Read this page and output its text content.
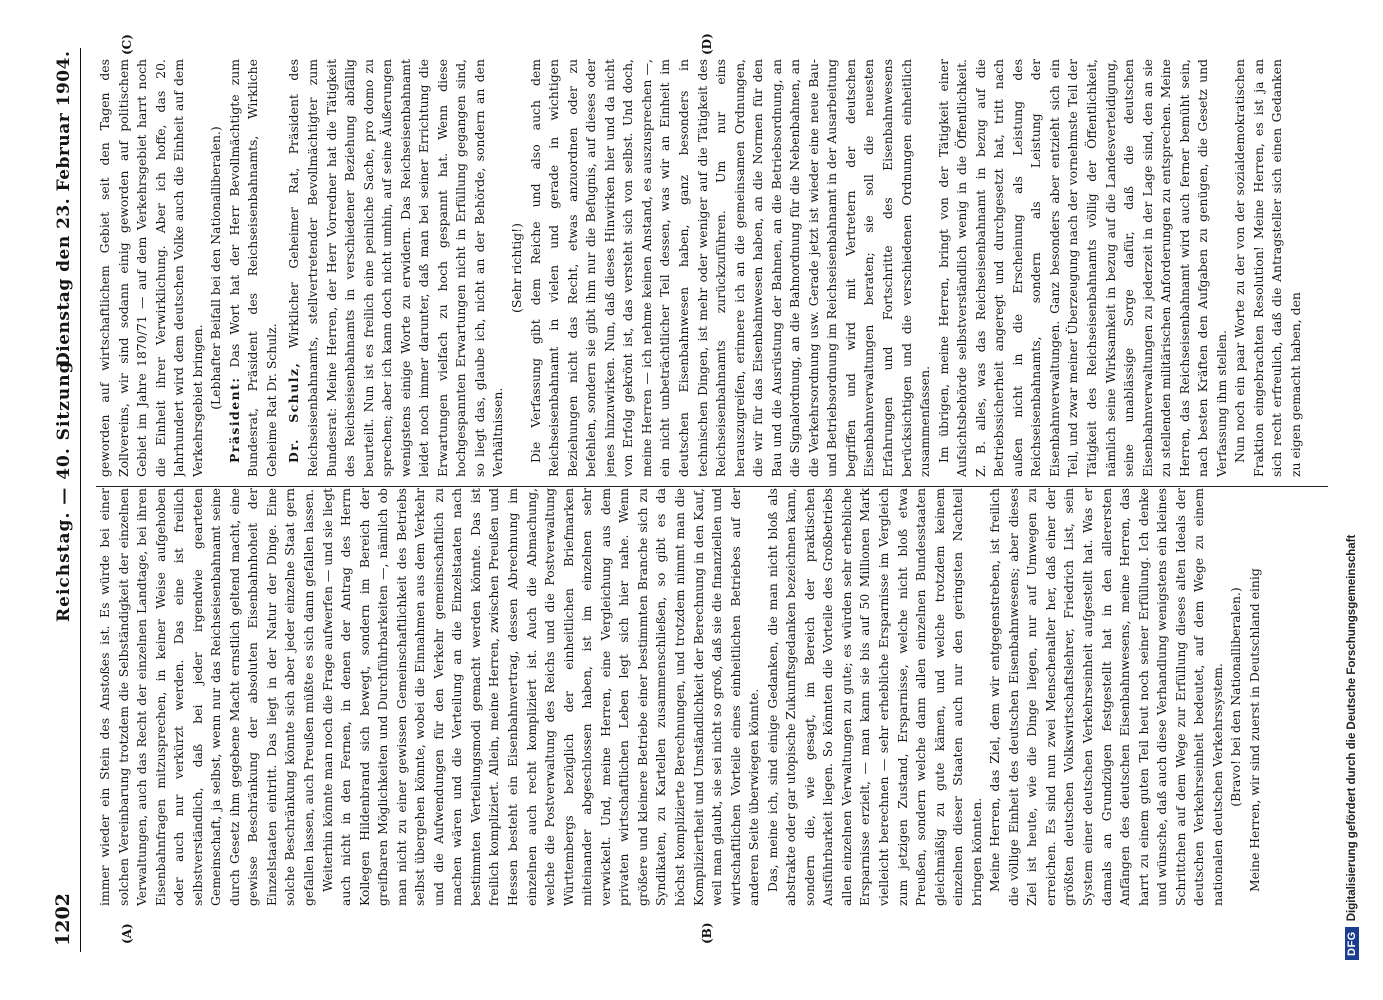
1202
Reichstag. — 40. Sitzung.
Dienstag den 23. Februar 1904.
(A)	(B)
(C)	(D)

immer wieder ein Stein des Anstoßes ist. Es würde bei einer solchen Vereinbarung trotzdem die Selbständigkeit der einzelnen Verwaltungen, auch das Recht der einzelnen Landtage, bei ihren Eisenbahnfragen mitzusprechen, in keiner Weise aufgehoben oder auch nur verkürzt werden. Das eine ist freilich selbstverständlich, daß bei jeder irgendwie gearteten Gemeinschaft, ja selbst, wenn nur das Reichseisenbahnamt seine durch Gesetz ihm gegebene Macht ernstlich geltend macht, eine gewisse Beschränkung der absoluten Eisenbahnhoheit der Einzelstaaten eintritt. Das liegt in der Natur der Dinge. Eine solche Beschränkung könnte sich aber jeder einzelne Staat gern gefallen lassen, auch Preußen müßte es sich dann gefallen lassen. Weiterhin könnte man noch die Frage aufwerfen — und sie liegt auch nicht in den Fernen, in denen der Antrag des Herrn Kollegen Hildenbrand sich bewegt, sondern im Bereich der greifbaren Möglichkeiten und Durchführbarkeiten —, nämlich ob man nicht zu einer gewissen Gemeinschaftlichkeit des Betriebs selbst übergehen könnte, wobei die Einnahmen aus dem Verkehr und die Aufwendungen für den Verkehr gemeinschaftlich zu machen wären und die Verteilung an die Einzelstaaten nach bestimmten Verteilungsmodi gemacht werden könnte. Das ist freilich kompliziert. Allein, meine Herren, zwischen Preußen und Hessen besteht ein Eisenbahnvertrag, dessen Abrechnung im einzelnen auch recht kompliziert ist. Auch die Abmachung, welche die Postverwaltung des Reichs und die Postverwaltung Württembergs bezüglich der einheitlichen Briefmarken miteinander abgeschlossen haben, ist im einzelnen sehr verwickelt. Und, meine Herren, eine Vergleichung aus dem privaten wirtschaftlichen Leben legt sich hier nahe. Wenn größere und kleinere Betriebe einer bestimmten Branche sich zu Syndikaten, zu Kartellen zusammenschließen, so gibt es da höchst komplizierte Berechnungen, und trotzdem nimmt man die Kompliziertheit und Umständlichkeit der Berechnung in den Kauf, weil man glaubt, sie sei nicht so groß, daß sie die finanziellen und wirtschaftlichen Vorteile eines einheitlichen Betriebes auf der anderen Seite überwiegen könnte. Das, meine ich, sind einige Gedanken, die man nicht bloß als abstrakte oder gar utopische Zukunftsgedanken bezeichnen kann, sondern die, wie gesagt, im Bereich der praktischen Ausführbarkeit liegen. So könnten die Vorteile des Großbetriebs allen einzelnen Verwaltungen zu gute; es würden sehr erhebliche Ersparnisse erzielt, — man kann sie bis auf 50 Millionen Mark vielleicht berechnen — sehr erhebliche Ersparnisse im Vergleich zum jetzigen Zustand, Ersparnisse, welche nicht bloß etwa Preußen, sondern welche dann allen einzelnen Bundesstaaten gleichmäßig zu gute kämen, und welche trotzdem keinem einzelnen dieser Staaten auch nur den geringsten Nachteil bringen könnten. Meine Herren, das Ziel, dem wir entgegenstreben, ist freilich die völlige Einheit des deutschen Eisenbahnwesens; aber dieses Ziel ist heute, wie die Dinge liegen, nur auf Umwegen zu erreichen. Es sind nun zwei Menschenalter her, daß einer der größten deutschen Volkswirtschaftslehrer, Friedrich List, sein System einer deutschen Verkehrseinheit aufgestellt hat. Was er damals an Grundzügen festgestellt hat in den allerersten Anfängen des deutschen Eisenbahnwesens, meine Herren, das harrt zu einem guten Teil heut noch seiner Erfüllung. Ich denke und wünsche, daß auch diese Verhandlung wenigstens ein kleines Schrittchen auf dem Wege zur Erfüllung dieses alten Ideals der deutschen Verkehrseinheit bedeutet, auf dem Wege zu einem nationalen deutschen Verkehrssystem. (Bravo! bei den Nationalliberalen.) Meine Herren, wir sind zuerst in Deutschland einig

geworden auf wirtschaftlichem Gebiet seit den Tagen des Zollvereins, wir sind sodann einig geworden auf politischem Gebiet im Jahre 1870/71 — auf dem Verkehrsgebiet harrt noch die Einheit ihrer Verwirklichung. Aber ich hoffe, das 20. Jahrhundert wird dem deutschen Volke auch die Einheit auf dem Verkehrsgebiet bringen. (Lebhafter Beifall bei den Nationalliberalen.)

Präsident: Das Wort hat der Herr Bevollmächtigte zum Bundesrat, Präsident des Reichseisenbahnamts, Wirkliche Geheime Rat Dr. Schulz. Dr. Schulz, Wirklicher Geheimer Rat, Präsident des Reichseisenbahnamts, stellvertretender Bevollmächtigter zum Bundesrat: Meine Herren, der Herr Vorredner hat die Tätigkeit des Reichseisenbahnamts in verschiedener Beziehung abfällig beurteilt. Nun ist es freilich eine peinliche Sache, pro domo zu sprechen; aber ich kann doch nicht umhin, auf seine Äußerungen wenigstens einige Worte zu erwidern. Das Reichseisenbahnamt leidet noch immer darunter, daß man bei seiner Errichtung die Erwartungen vielfach zu hoch gespannt hat. Wenn diese hochgespannten Erwartungen nicht in Erfüllung gegangen sind, so liegt das, glaube ich, nicht an der Behörde, sondern an den Verhältnissen.

(Sehr richtig!) Die Verfassung gibt dem Reiche und also auch dem Reichseisenbahnamt in vielen und gerade in wichtigen Beziehungen nicht das Recht, etwas anzuordnen oder zu befehlen, sondern sie gibt ihm nur die Befugnis, auf dieses oder jenes hinzuwirken. Nun, daß dieses Hinwirken hier und da nicht von Erfolg gekrönt ist, das versteht sich von selbst. Und doch, meine Herren — ich nehme keinen Anstand, es auszusprechen —, ein nicht unbeträchtlicher Teil dessen, was wir an Einheit im deutschen Eisenbahnwesen haben, ganz besonders in technischen Dingen, ist mehr oder weniger auf die Tätigkeit des Reichseisenbahnamts zurückzuführen. Um nur eins herauszugreifen, erinnere ich an die gemeinsamen Ordnungen, die wir für das Eisenbahnwesen haben, an die Normen für den Bau und die Ausrüstung der Bahnen, an die Betriebsordnung, an die Signalordnung, an die Bahnordnung für die Nebenbahnen, an die Verkehrsordnung usw. Gerade jetzt ist wieder eine neue Bau- und Betriebsordnung im Reichseisenbahnamt in der Ausarbeitung begriffen und wird mit Vertretern der deutschen Eisenbahnverwaltungen beraten; sie soll die neuesten Erfahrungen und Fortschritte des Eisenbahnwesens berücksichtigen und die verschiedenen Ordnungen einheitlich zusammenfassen. Im übrigen, meine Herren, bringt von der Tätigkeit einer Aufsichtsbehörde selbstverständlich wenig in die Öffentlichkeit. Z. B. alles, was das Reichseisenbahnamt in bezug auf die Betriebssicherheit angeregt und durchgesetzt hat, tritt nach außen nicht in die Erscheinung als Leistung des Reichseisenbahnamts, sondern als Leistung der Eisenbahnverwaltungen. Ganz besonders aber entzieht sich ein Teil, und zwar meiner Überzeugung nach der vornehmste Teil der Tätigkeit des Reichseisenbahnamts völlig der Öffentlichkeit, nämlich seine Wirksamkeit in bezug auf die Landesverteidigung, seine unablässige Sorge dafür, daß die deutschen Eisenbahnverwaltungen zu jederzeit in der Lage sind, den an sie zu stellenden militärischen Anforderungen zu entsprechen. Meine Herren, das Reichseisenbahnamt wird auch ferner bemüht sein, nach besten Kräften den Aufgaben zu genügen, die Gesetz und Verfassung ihm stellen. Nun noch ein paar Worte zu der von der sozialdemokratischen Fraktion eingebrachten Resolution! Meine Herren, es ist ja an sich recht erfreulich, daß die Antragsteller sich einen Gedanken zu eigen gemacht haben, den

DFGDigitalisierung gefördert durch die Deutsche Forschungsgemeinschaft
